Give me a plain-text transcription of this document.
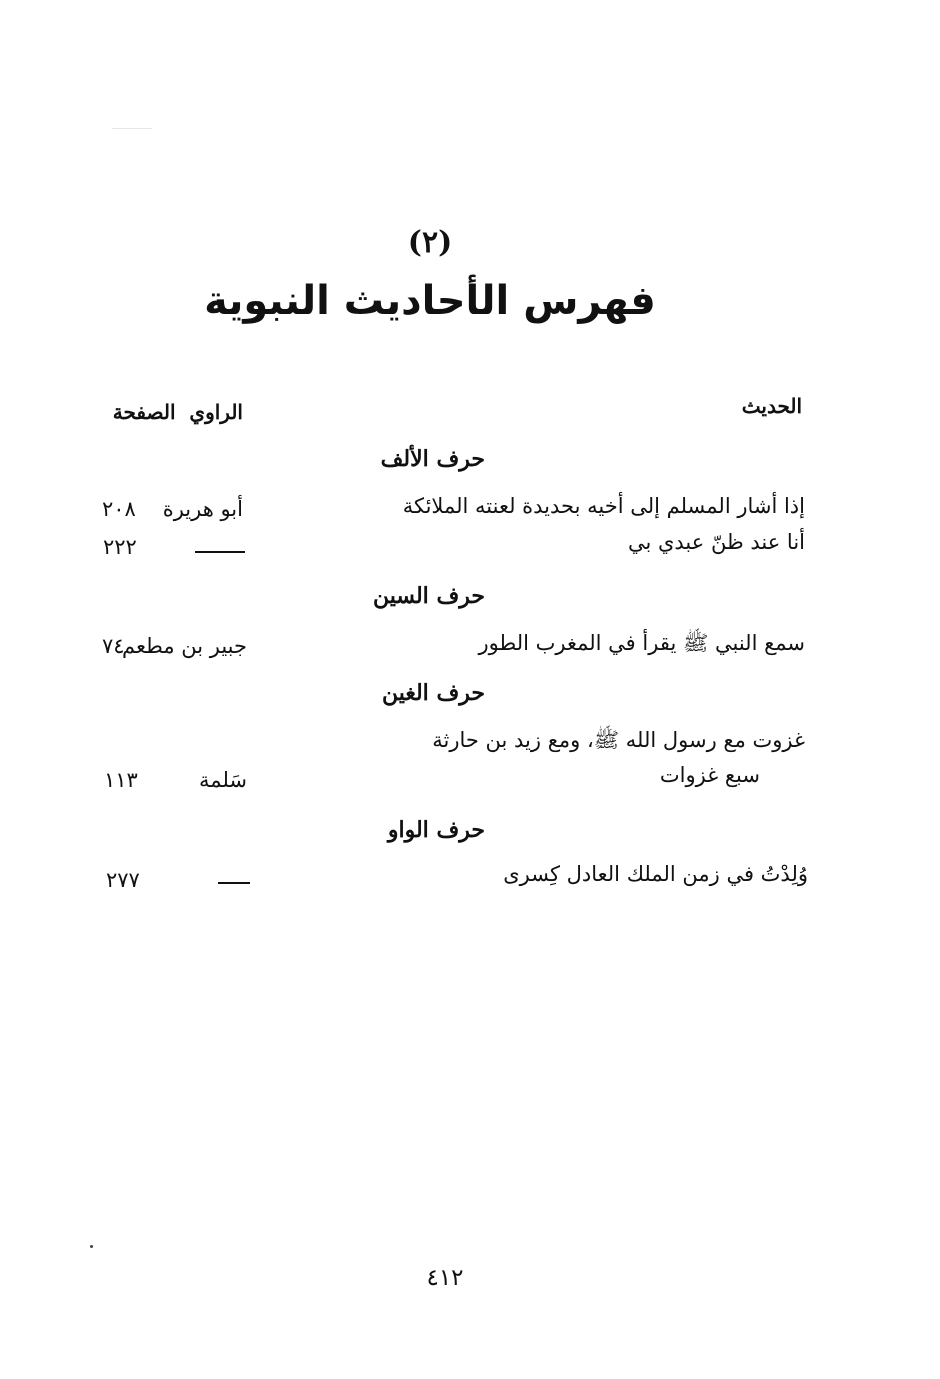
(٢)
فهرس الأحاديث النبوية
الحديث
الراوي  الصفحة
حرف الألف
إذا أشار المسلم إلى أخيه بحديدة لعنته الملائكة
أبو هريرة
٢٠٨
أنا عند ظنّ عبدي بي
٢٢٢
حرف السين
سمع النبي ﷺ يقرأ في المغرب الطور
جبير بن مطعم
٧٤
حرف الغين
غزوت مع رسول الله ﷺ، ومع زيد بن حارثة
سبع غزوات
سَلمة
١١٣
حرف الواو
وُلِدْتُ في زمن الملك العادل كِسرى
٢٧٧
٤١٢
